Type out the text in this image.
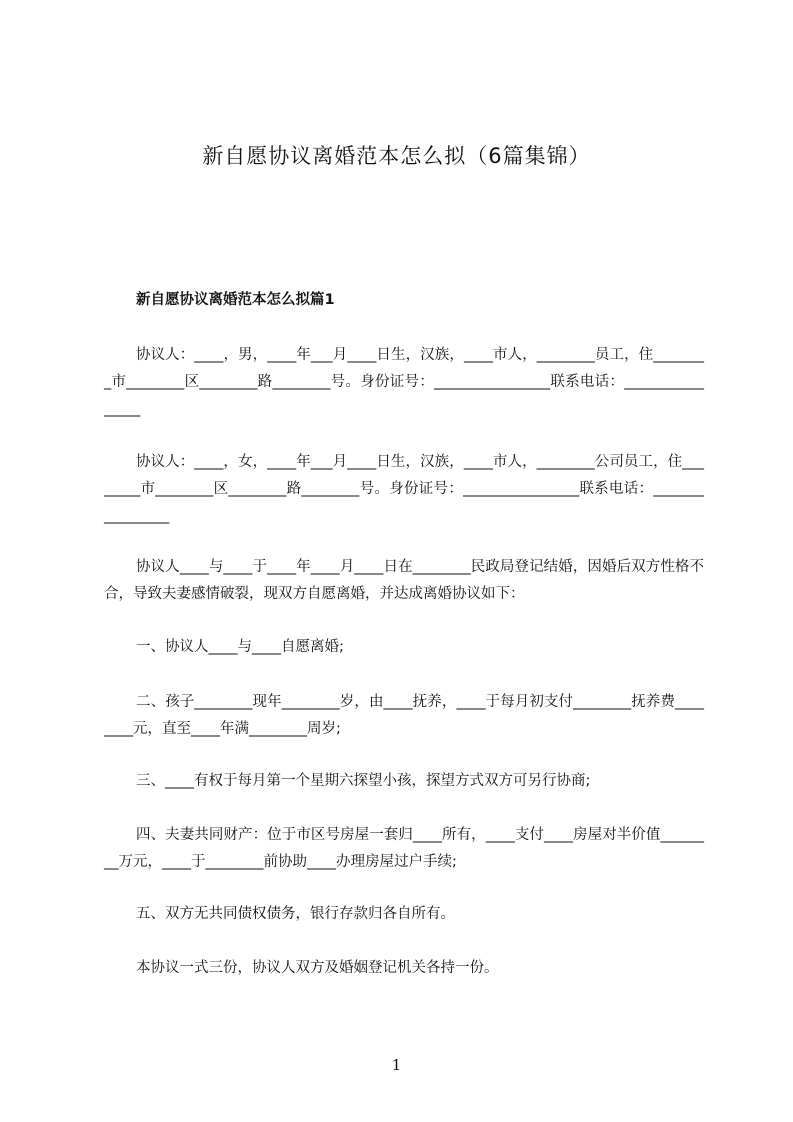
新自愿协议离婚范本怎么拟（6篇集锦）
新自愿协议离婚范本怎么拟篇1

协议人：____，男，____年___月____日生，汉族，____市人，________员工，住________市________区________路________号。身份证号：________________联系电话：________________

协议人：____，女，____年___月____日生，汉族，____市人，________公司员工，住________市________区________路________号。身份证号：________________联系电话：________________

协议人____与____于____年____月____日在________民政局登记结婚，因婚后双方性格不合，导致夫妻感情破裂，现双方自愿离婚，并达成离婚协议如下：

一、协议人____与____自愿离婚;

二、孩子________现年________岁，由____抚养，____于每月初支付________抚养费________元，直至____年满________周岁;

三、____有权于每月第一个星期六探望小孩，探望方式双方可另行协商;

四、夫妻共同财产：位于市区号房屋一套归____所有，____支付____房屋对半价值________万元，____于________前协助____办理房屋过户手续;

五、双方无共同债权债务，银行存款归各自所有。

本协议一式三份，协议人双方及婚姻登记机关各持一份。

1
